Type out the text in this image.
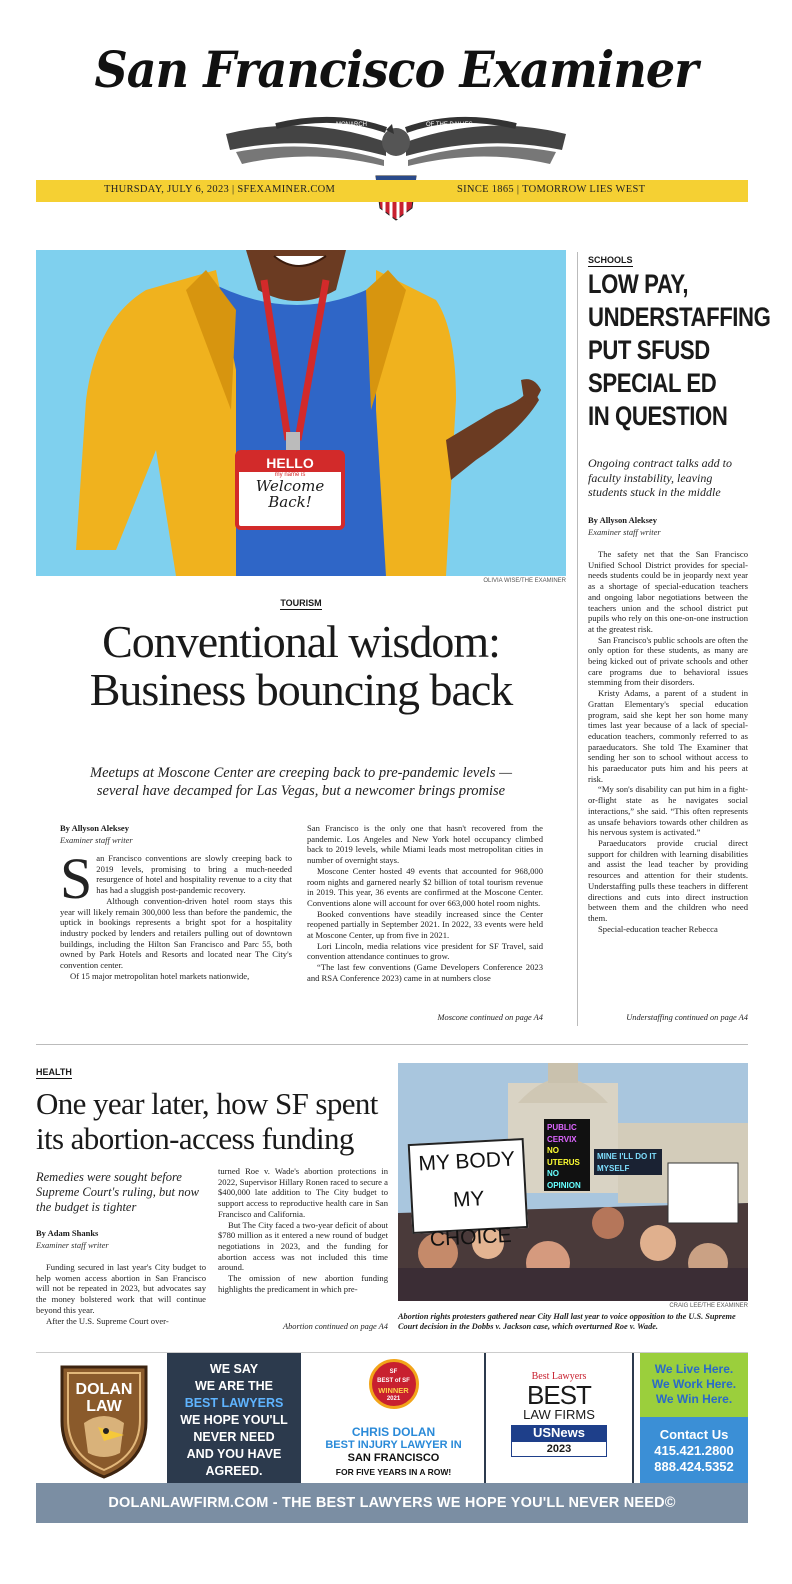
San Francisco Examiner
MONARCH	OF THE DAILIES
THURSDAY, JULY 6, 2023 | SFEXAMINER.COM	SINCE 1865 | TOMORROW LIES WEST
HELLO
my name is
Welcome
Back!
OLIVIA WISE/THE EXAMINER
TOURISM
Conventional wisdom:
Business bouncing back
Meetups at Moscone Center are creeping back to pre-pandemic levels —
several have decamped for Las Vegas, but a newcomer brings promise
By Allyson Aleksey
Examiner staff writer
S an Francisco conventions are slowly creeping back to 2019 levels, promising to bring a much-needed resurgence of hotel and hospitality revenue to a city that has had a sluggish post-pandemic recovery.

Although convention-driven hotel room stays this year will likely remain 300,000 less than before the pandemic, the uptick in bookings represents a bright spot for a hospitality industry pocked by lenders and retailers pulling out of downtown buildings, including the Hilton San Francisco and Parc 55, both owned by Park Hotels and Resorts and located near The City's convention center.

Of 15 major metropolitan hotel markets nationwide,

San Francisco is the only one that hasn't recovered from the pandemic. Los Angeles and New York hotel occupancy climbed back to 2019 levels, while Miami leads most metropolitan cities in number of overnight stays.

Moscone Center hosted 49 events that accounted for 968,000 room nights and garnered nearly $2 billion of total tourism revenue in 2019. This year, 36 events are confirmed at the Moscone Center. Conventions alone will account for over 663,000 hotel room nights.

Booked conventions have steadily increased since the Center reopened partially in September 2021. In 2022, 33 events were held at Moscone Center, up from five in 2021.

Lori Lincoln, media relations vice president for SF Travel, said convention attendance continues to grow.

“The last few conventions (Game Developers Conference 2023 and RSA Conference 2023) came in at numbers close

Moscone continued on page A4
SCHOOLS
LOW PAY,
UNDERSTAFFING
PUT SFUSD
SPECIAL ED
IN QUESTION
Ongoing contract talks add to faculty instability, leaving students stuck in the middle
By Allyson Aleksey
Examiner staff writer

The safety net that the San Francisco Unified School District provides for special-needs students could be in jeopardy next year as a shortage of special-education teachers and ongoing labor negotiations between the teachers union and the school district put pupils who rely on this one-on-one instruction at the greatest risk.

San Francisco's public schools are often the only option for these students, as many are being kicked out of private schools and other care programs due to behavioral issues stemming from their disorders.

Kristy Adams, a parent of a student in Grattan Elementary's special education program, said she kept her son home many times last year because of a lack of special-education teachers, commonly referred to as paraeducators. She told The Examiner that sending her son to school without access to his paraeducator puts him and his peers at risk.

“My son's disability can put him in a fight-or-flight state as he navigates social interactions,” she said. “This often represents as unsafe behaviors towards other children as his nervous system is activated.”

Paraeducators provide crucial direct support for children with learning disabilities and assist the lead teacher by providing resources and attention for their students. Understaffing pulls these teachers in different directions and cuts into direct instruction between them and the children who need them.

Special-education teacher Rebecca

Understaffing continued on page A4
HEALTH
One year later, how SF spent
its abortion-access funding
Remedies were sought before Supreme Court's ruling, but now the budget is tighter
By Adam Shanks
Examiner staff writer

Funding secured in last year's City budget to help women access abortion in San Francisco will not be repeated in 2023, but advocates say the money bolstered work that will continue beyond this year.

After the U.S. Supreme Court over-

turned Roe v. Wade's abortion protections in 2022, Supervisor Hillary Ronen raced to secure a $400,000 late addition to The City budget to support access to reproductive health care in San Francisco and California.

But The City faced a two-year deficit of about $780 million as it entered a new round of budget negotiations in 2023, and the funding for abortion access was not included this time around.

The omission of new abortion funding highlights the predicament in which pre-

Abortion continued on page A4
MY BODY
MY CHOICE
PUBLIC
CERVIX
NO
UTERUS
NO
OPINION
MINE I'LL DO IT MYSELF
CRAIG LEE/THE EXAMINER
Abortion rights protesters gathered near City Hall last year to voice opposition to the U.S. Supreme Court decision in the Dobbs v. Jackson case, which overturned Roe v. Wade.
DOLAN
LAW
WE SAY
WE ARE THE
BEST LAWYERS
WE HOPE YOU'LL
NEVER NEED
AND YOU HAVE
AGREED.
SF
BEST of SF
WINNER
2021
CHRIS DOLAN
BEST INJURY LAWYER IN
SAN FRANCISCO
FOR FIVE YEARS IN A ROW!
Best Lawyers
BEST
LAW FIRMS
USNews
2023
We Live Here.
We Work Here.
We Win Here.
Contact Us
415.421.2800
888.424.5352
DOLANLAWFIRM.COM - THE BEST LAWYERS WE HOPE YOU'LL NEVER NEED©
